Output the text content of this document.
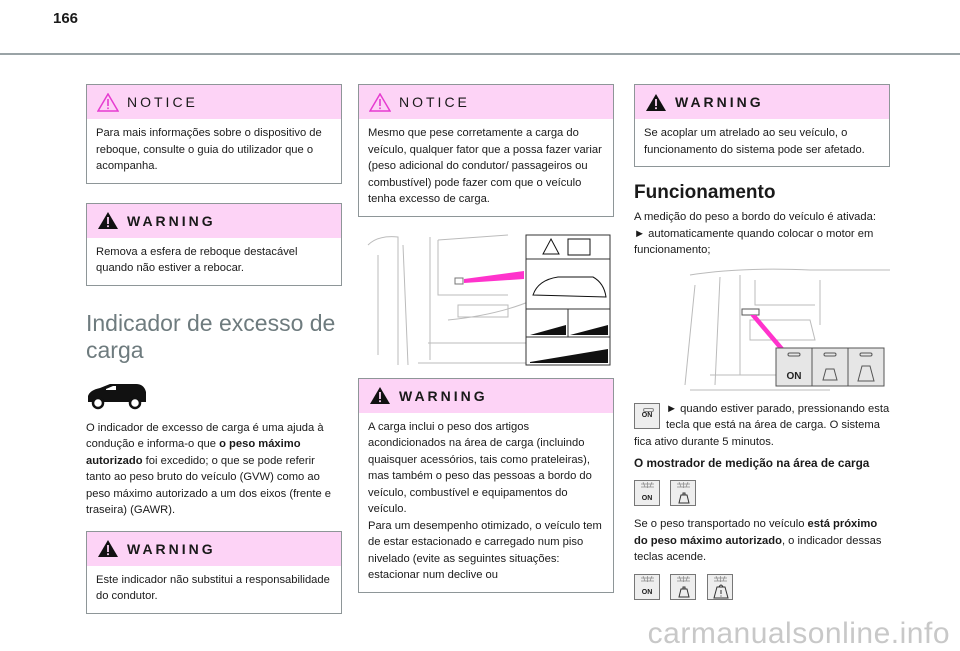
166
NOTICE
Para mais informações sobre o dispositivo de reboque, consulte o guia do utilizador que o acompanha.
WARNING
Remova a esfera de reboque destacável quando não estiver a rebocar.
Indicador de excesso de
carga
O indicador de excesso de carga é uma ajuda à condução e informa-o que o peso máximo autorizado foi excedido; o que se pode referir tanto ao peso bruto do veículo (GVW) como ao peso máximo autorizado a um dos eixos (frente e traseira) (GAWR).
WARNING
Este indicador não substitui a responsabilidade do condutor.
NOTICE
Mesmo que pese corretamente a carga do veículo, qualquer fator que a possa fazer variar (peso adicional do condutor/ passageiros ou combustível) pode fazer com que o veículo tenha excesso de carga.
WARNING
A carga inclui o peso dos artigos acondicionados na área de carga (incluindo quaisquer acessórios, tais como prateleiras), mas também o peso das pessoas a bordo do veículo, combustível e equipamentos do veículo.
Para um desempenho otimizado, o veículo tem de estar estacionado e carregado num piso nivelado (evite as seguintes situações: estacionar num declive ou
WARNING
Se acoplar um atrelado ao seu veículo, o funcionamento do sistema pode ser afetado.
Funcionamento
A medição do peso a bordo do veículo é ativada:
► automaticamente quando colocar o motor em funcionamento;
ON
ON
► quando estiver parado, pressionando esta tecla que está na área de carga. O sistema fica ativo durante 5 minutos.
O mostrador de medição na área de carga
ON

Se o peso transportado no veículo está próximo do peso máximo autorizado, o indicador dessas teclas acende.
ON

carmanualsonline.info
